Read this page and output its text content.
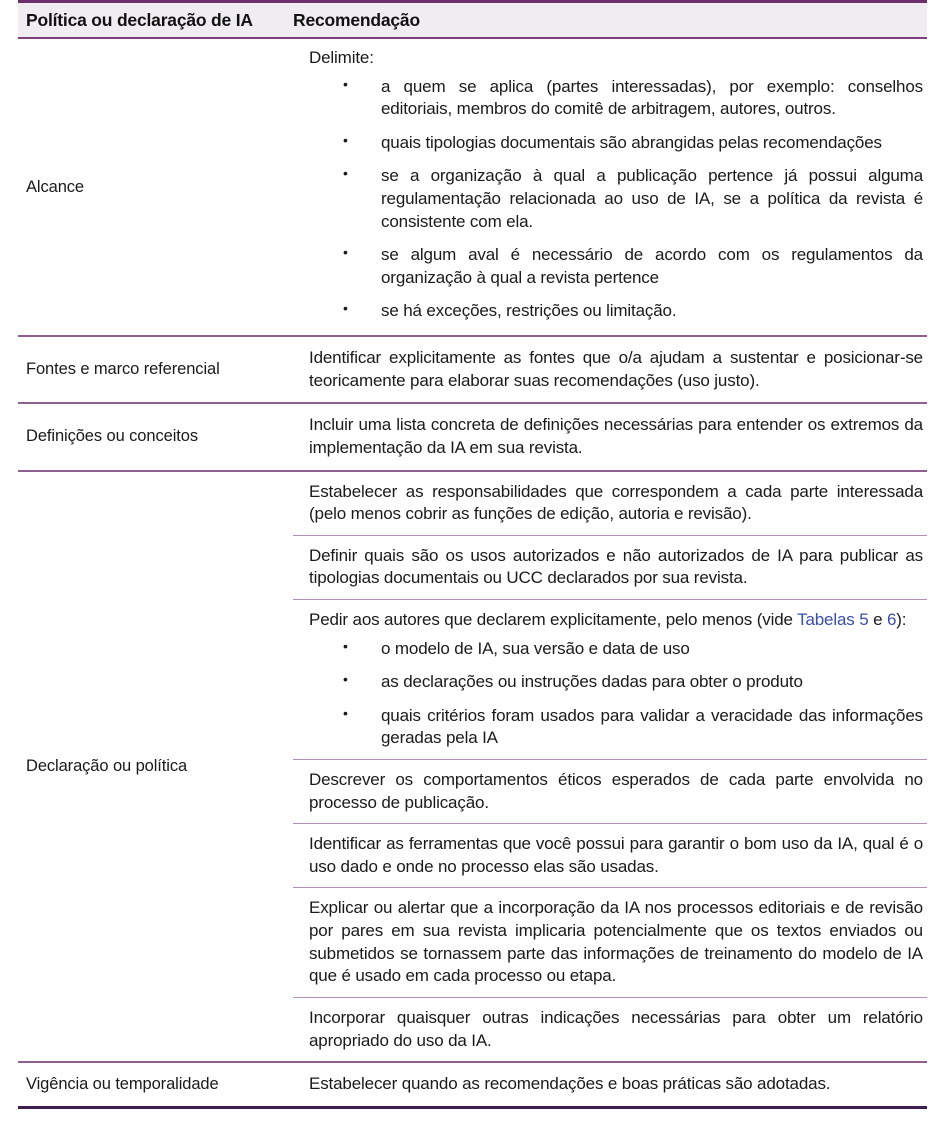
Política ou declaração de IA	Recomendação
Alcance

Delimite:

• a quem se aplica (partes interessadas), por exemplo: conselhos editoriais, membros do comitê de arbitragem, autores, outros.
• quais tipologias documentais são abrangidas pelas recomendações
• se a organização à qual a publicação pertence já possui alguma regulamentação relacionada ao uso de IA, se a política da revista é consistente com ela.
• se algum aval é necessário de acordo com os regulamentos da organização à qual a revista pertence
• se há exceções, restrições ou limitação.
Fontes e marco referencial

Identificar explicitamente as fontes que o/a ajudam a sustentar e posicionar-se teoricamente para elaborar suas recomendações (uso justo).

Definições ou conceitos

Incluir uma lista concreta de definições necessárias para entender os extremos da implementação da IA em sua revista.

Declaração ou política

Estabelecer as responsabilidades que correspondem a cada parte interessada (pelo menos cobrir as funções de edição, autoria e revisão).

Definir quais são os usos autorizados e não autorizados de IA para publicar as tipologias documentais ou UCC declarados por sua revista.

Pedir aos autores que declarem explicitamente, pelo menos (vide Tabelas 5 e 6):

• o modelo de IA, sua versão e data de uso
• as declarações ou instruções dadas para obter o produto
• quais critérios foram usados para validar a veracidade das informações geradas pela IA

Descrever os comportamentos éticos esperados de cada parte envolvida no processo de publicação.

Identificar as ferramentas que você possui para garantir o bom uso da IA, qual é o uso dado e onde no processo elas são usadas.

Explicar ou alertar que a incorporação da IA nos processos editoriais e de revisão por pares em sua revista implicaria potencialmente que os textos enviados ou submetidos se tornassem parte das informações de treinamento do modelo de IA que é usado em cada processo ou etapa.

Incorporar quaisquer outras indicações necessárias para obter um relatório apropriado do uso da IA.

Vigência ou temporalidade	Estabelecer quando as recomendações e boas práticas são adotadas.
